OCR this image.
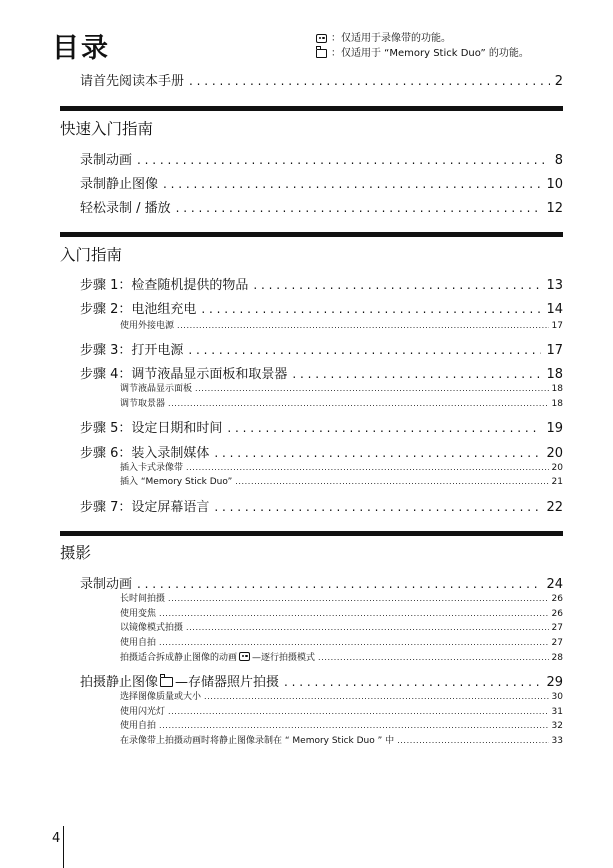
目录	：仅适用于录像带的功能。
：仅适用于 “Memory Stick Duo” 的功能。
请首先阅读本手册 . . .	2
快速入门指南
录制动画 . . .	8
录制静止图像 . . .	10
轻松录制 / 播放 . . .	12
入门指南
步骤 1：检查随机提供的物品 . . .	13
步骤 2：电池组充电 . . .	14
使用外接电源 .....	17
步骤 3：打开电源 . . .	17
步骤 4：调节液晶显示面板和取景器 . . .	18
调节液晶显示面板 .....	18
调节取景器 .....	18
步骤 5：设定日期和时间 . . .	19
步骤 6：装入录制媒体 . . .	20
插入卡式录像带 .....	20
插入 “Memory Stick Duo” .....	21
步骤 7：设定屏幕语言 . . .	22
摄影
录制动画 . . .	24
长时间拍摄 .....	26
使用变焦 .....	26
以镜像模式拍摄 .....	27
使用自拍 .....	27
拍摄适合拆成静止图像的动画 —逐行拍摄模式 .....	28
拍摄静止图像 —存储器照片拍摄 . . .	29
选择图像质量或大小 .....	30
使用闪光灯 .....	31
使用自拍 .....	32
在录像带上拍摄动画时将静止图像录制在 “ Memory Stick Duo ” 中 .....	33
4
